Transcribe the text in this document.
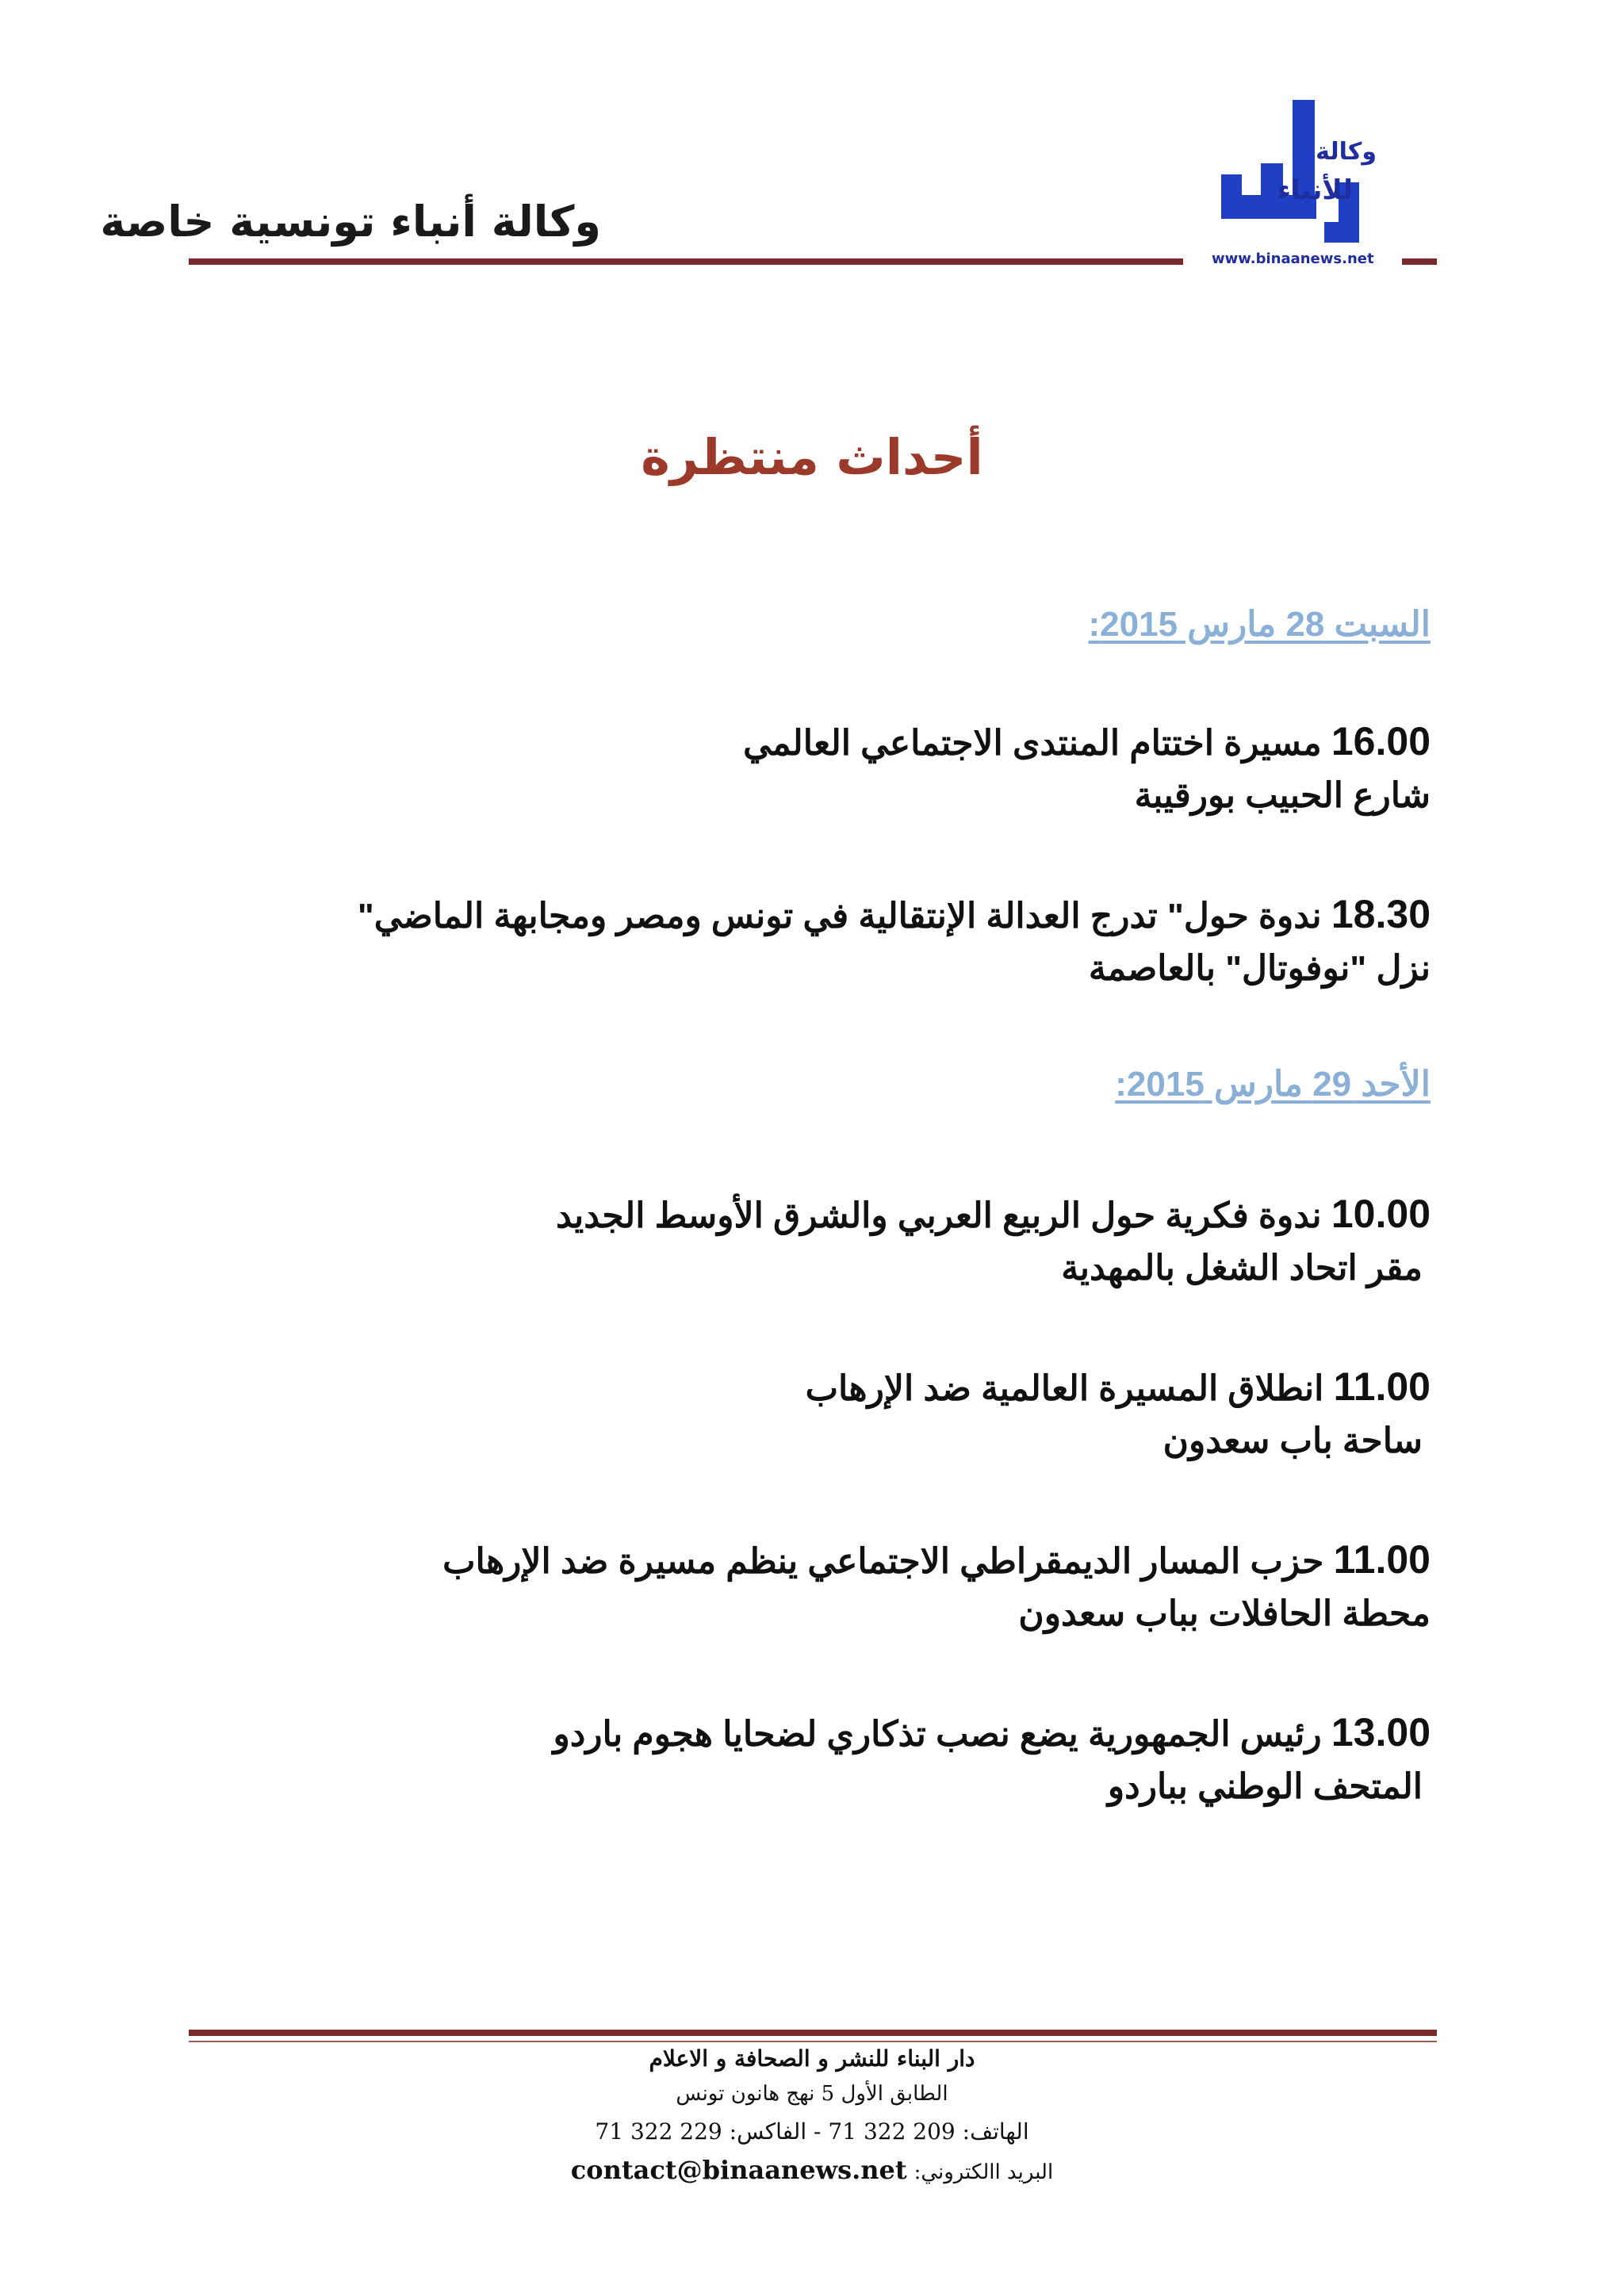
وكالة
للأنباء
www.binaanews.net
وكالة أنباء تونسية خاصة
أحداث منتظرة
السبت 28 مارس 2015:
16.00 مسيرة اختتام المنتدى الاجتماعي العالمي
شارع الحبيب بورقيبة
18.30 ندوة حول" تدرج العدالة الإنتقالية في تونس ومصر ومجابهة الماضي"
نزل "نوفوتال" بالعاصمة
الأحد 29 مارس 2015:
10.00 ندوة فكرية حول الربيع العربي والشرق الأوسط الجديد
مقر اتحاد الشغل بالمهدية
11.00 انطلاق المسيرة العالمية ضد الإرهاب
ساحة باب سعدون
11.00 حزب المسار الديمقراطي الاجتماعي ينظم مسيرة ضد الإرهاب
محطة الحافلات بباب سعدون
13.00 رئيس الجمهورية يضع نصب تذكاري لضحايا هجوم باردو
المتحف الوطني بباردو
دار البناء للنشر و الصحافة و الاعلام
الطابق الأول 5 نهج هانون تونس
الهاتف: 209 322 71 - الفاكس: 229 322 71
البريد االكتروني: contact@binaanews.net
